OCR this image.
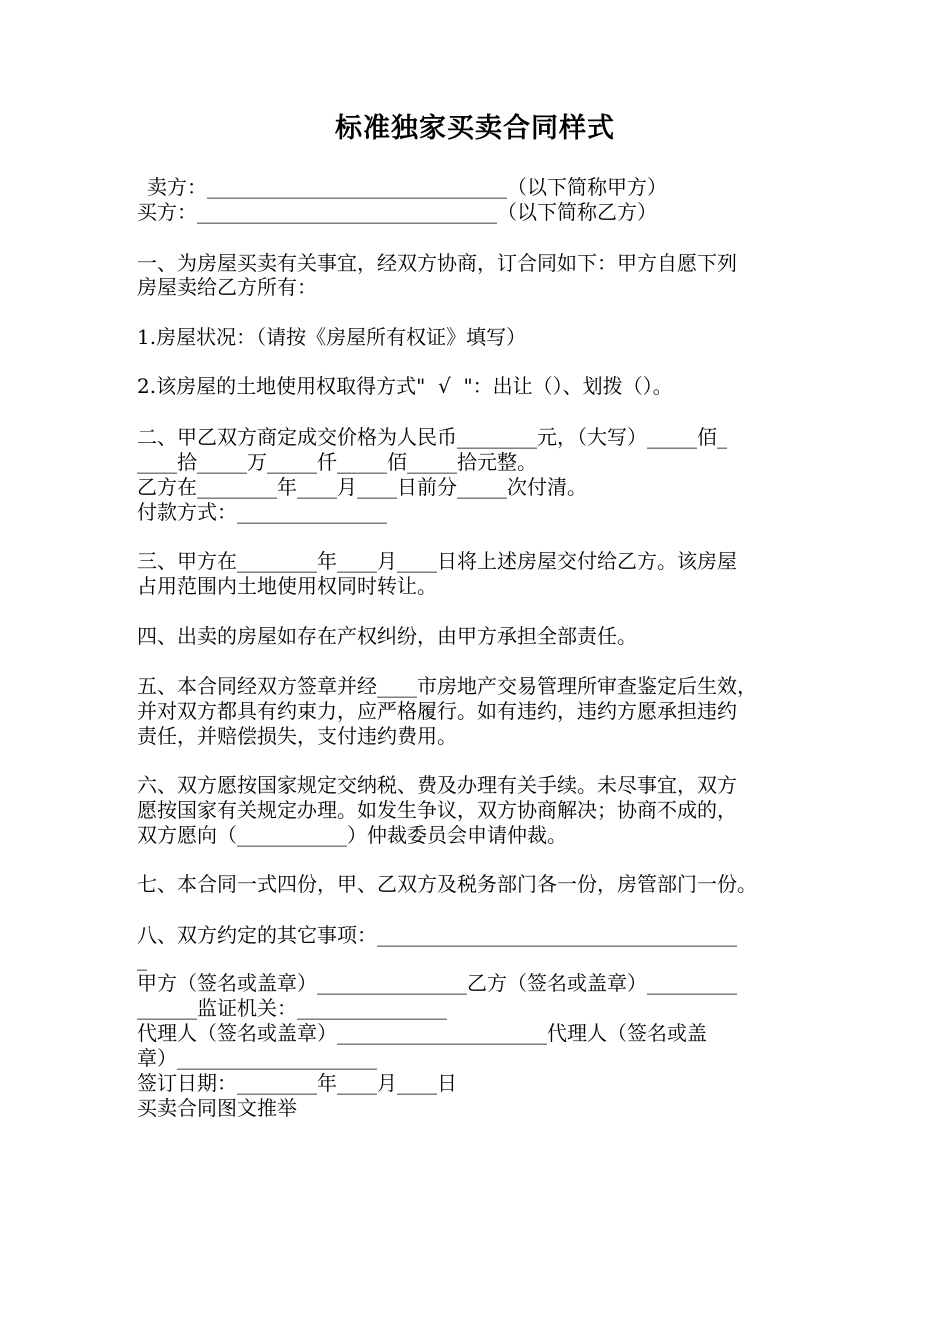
标准独家买卖合同样式
卖方：______________________________（以下简称甲方）
买方：______________________________（以下简称乙方）
一、为房屋买卖有关事宜，经双方协商，订合同如下：甲方自愿下列
房屋卖给乙方所有：
1.房屋状况：（请按《房屋所有权证》填写）
2.该房屋的土地使用权取得方式"  √  "：出让（）、划拨（）。
二、甲乙双方商定成交价格为人民币________元，（大写）_____佰_
____拾_____万_____仟_____佰_____拾元整。
乙方在________年____月____日前分_____次付清。
付款方式：_______________
三、甲方在________年____月____日将上述房屋交付给乙方。该房屋
占用范围内土地使用权同时转让。
四、出卖的房屋如存在产权纠纷，由甲方承担全部责任。
五、本合同经双方签章并经____市房地产交易管理所审查鉴定后生效，
并对双方都具有约束力，应严格履行。如有违约，违约方愿承担违约
责任，并赔偿损失，支付违约费用。
六、双方愿按国家规定交纳税、费及办理有关手续。未尽事宜，双方
愿按国家有关规定办理。如发生争议，双方协商解决；协商不成的，
双方愿向（___________）仲裁委员会申请仲裁。
七、本合同一式四份，甲、乙双方及税务部门各一份，房管部门一份。
八、双方约定的其它事项：____________________________________
_
甲方（签名或盖章）_______________乙方（签名或盖章）_________
______监证机关：_______________
代理人（签名或盖章）_____________________代理人（签名或盖
章）____________________
签订日期：________年____月____日
买卖合同图文推举
